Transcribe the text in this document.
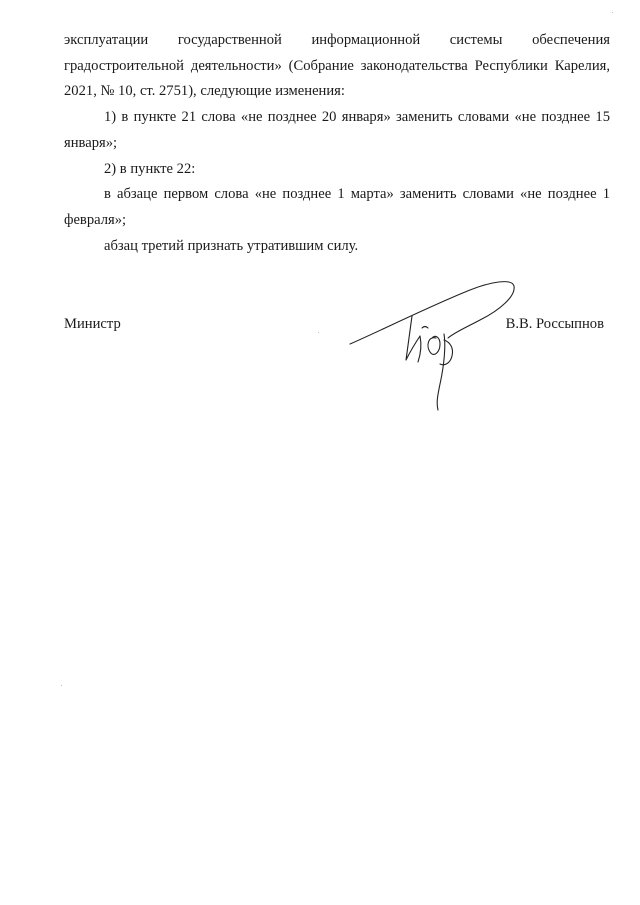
эксплуатации государственной информационной системы обеспечения градостроительной деятельности» (Собрание законодательства Республики Карелия, 2021, № 10, ст. 2751), следующие изменения:

1) в пункте 21 слова «не позднее 20 января» заменить словами «не позднее 15 января»;

2) в пункте 22:

в абзаце первом слова «не позднее 1 марта» заменить словами «не позднее 1 февраля»;

абзац третий признать утратившим силу.

Министр	В.В. Россыпнов
